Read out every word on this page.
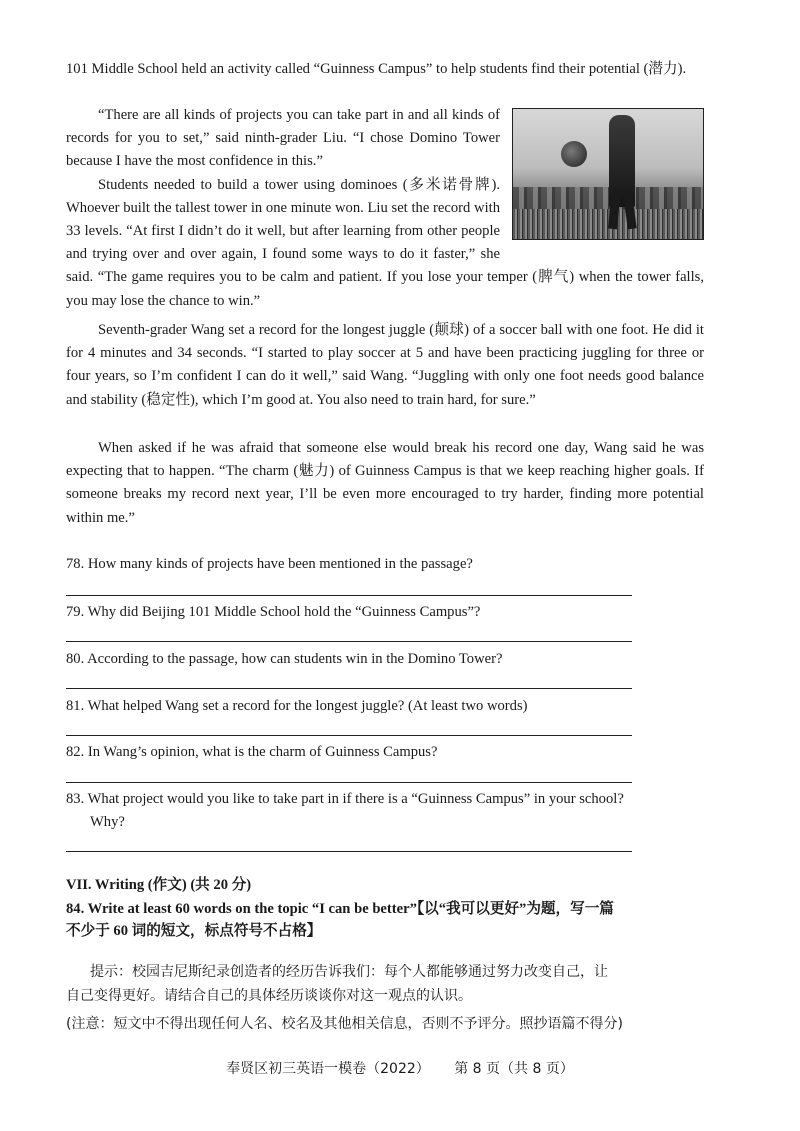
101 Middle School held an activity called “Guinness Campus” to help students find their potential (潜力).

“There are all kinds of projects you can take part in and all kinds of records for you to set,” said ninth-grader Liu. “I chose Domino Tower because I have the most confidence in this.”

Students needed to build a tower using dominoes (多米诺骨牌). Whoever built the tallest tower in one minute won. Liu set the record with 33 levels. “At first I didn’t do it well, but after learning from other people and trying over and over again, I found some ways to do it faster,” she said. “The game requires you to be calm and patient. If you lose your temper (脾气) when the tower falls, you may lose the chance to win.”

Seventh-grader Wang set a record for the longest juggle (颠球) of a soccer ball with one foot. He did it for 4 minutes and 34 seconds. “I started to play soccer at 5 and have been practicing juggling for three or four years, so I’m confident I can do it well,” said Wang. “Juggling with only one foot needs good balance and stability (稳定性), which I’m good at. You also need to train hard, for sure.”

When asked if he was afraid that someone else would break his record one day, Wang said he was expecting that to happen. “The charm (魅力) of Guinness Campus is that we keep reaching higher goals. If someone breaks my record next year, I’ll be even more encouraged to try harder, finding more potential within me.”

78. How many kinds of projects have been mentioned in the passage?

79. Why did Beijing 101 Middle School hold the “Guinness Campus”?

80. According to the passage, how can students win in the Domino Tower?

81. What helped Wang set a record for the longest juggle? (At least two words)

82. In Wang’s opinion, what is the charm of Guinness Campus?

83. What project would you like to take part in if there is a “Guinness Campus” in your school?

Why?

VII. Writing (作文) (共 20 分)

84. Write at least 60 words on the topic “I can be better”【以“我可以更好”为题，写一篇

不少于 60 词的短文，标点符号不占格】

提示：校园吉尼斯纪录创造者的经历告诉我们：每个人都能够通过努力改变自己，让

自己变得更好。请结合自己的具体经历谈谈你对这一观点的认识。

(注意：短文中不得出现任何人名、校名及其他相关信息，否则不予评分。照抄语篇不得分)

奉贤区初三英语一模卷（2022） 第 8 页（共 8 页）
